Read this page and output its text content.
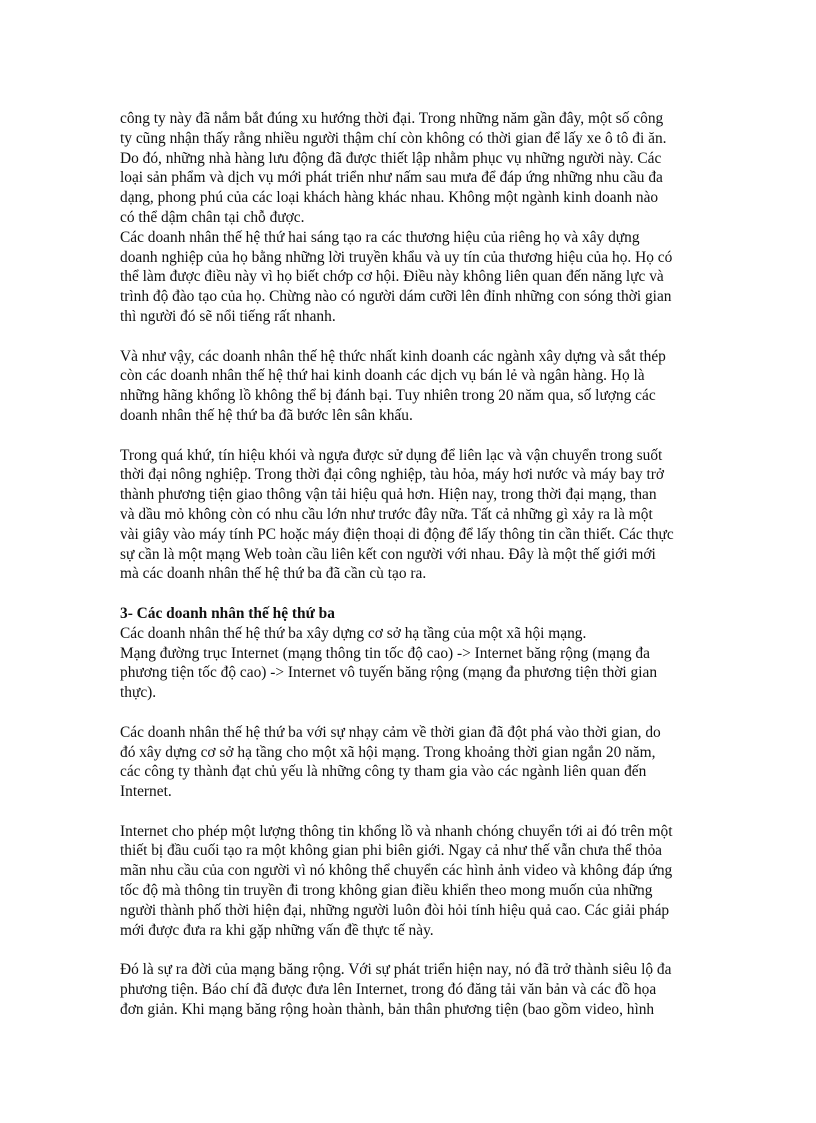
công ty này đã nắm bắt đúng xu hướng thời đại. Trong những năm gần đây, một số công
ty cũng nhận thấy rằng nhiều người thậm chí còn không có thời gian để lấy xe ô tô đi ăn.
Do đó, những nhà hàng lưu động đã được thiết lập nhằm phục vụ những người này. Các
loại sản phẩm và dịch vụ mới phát triển như nấm sau mưa để đáp ứng những nhu cầu đa
dạng, phong phú của các loại khách hàng khác nhau. Không một ngành kinh doanh nào
có thể dậm chân tại chỗ được.
Các doanh nhân thế hệ thứ hai sáng tạo ra các thương hiệu của riêng họ và xây dựng
doanh nghiệp của họ bằng những lời truyền khẩu và uy tín của thương hiệu của họ. Họ có
thể làm được điều này vì họ biết chớp cơ hội. Điều này không liên quan đến năng lực và
trình độ đào tạo của họ. Chừng nào có người dám cưỡi lên đỉnh những con sóng thời gian
thì người đó sẽ nổi tiếng rất nhanh.
Và như vậy, các doanh nhân thế hệ thức nhất kinh doanh các ngành xây dựng và sắt thép
còn các doanh nhân thế hệ thứ hai kinh doanh các dịch vụ bán lẻ và ngân hàng. Họ là
những hãng khổng lồ không thể bị đánh bại. Tuy nhiên trong 20 năm qua, số lượng các
doanh nhân thế hệ thứ ba đã bước lên sân khấu.
Trong quá khứ, tín hiệu khói và ngựa được sử dụng để liên lạc và vận chuyển trong suốt
thời đại nông nghiệp. Trong thời đại công nghiệp, tàu hỏa, máy hơi nước và máy bay trở
thành phương tiện giao thông vận tải hiệu quả hơn. Hiện nay, trong thời đại mạng, than
và dầu mỏ không còn có nhu cầu lớn như trước đây nữa. Tất cả những gì xảy ra là một
vài giây vào máy tính PC hoặc máy điện thoại di động để lấy thông tin cần thiết. Các thực
sự cần là một mạng Web toàn cầu liên kết con người với nhau. Đây là một thế giới mới
mà các doanh nhân thế hệ thứ ba đã cần cù tạo ra.
3- Các doanh nhân thế hệ thứ ba
Các doanh nhân thế hệ thứ ba xây dựng cơ sở hạ tầng của một xã hội mạng.
Mạng đường trục Internet (mạng thông tin tốc độ cao) -> Internet băng rộng (mạng đa
phương tiện tốc độ cao) -> Internet vô tuyến băng rộng (mạng đa phương tiện thời gian
thực).
Các doanh nhân thế hệ thứ ba với sự nhạy cảm về thời gian đã đột phá vào thời gian, do
đó xây dựng cơ sở hạ tầng cho một xã hội mạng. Trong khoảng thời gian ngắn 20 năm,
các công ty thành đạt chủ yếu là những công ty tham gia vào các ngành liên quan đến
Internet.
Internet cho phép một lượng thông tin khổng lồ và nhanh chóng chuyển tới ai đó trên một
thiết bị đầu cuối tạo ra một không gian phi biên giới. Ngay cả như thế vẫn chưa thể thỏa
mãn nhu cầu của con người vì nó không thể chuyển các hình ảnh video và không đáp ứng
tốc độ mà thông tin truyền đi trong không gian điều khiển theo mong muốn của những
người thành phố thời hiện đại, những người luôn đòi hỏi tính hiệu quả cao. Các giải pháp
mới được đưa ra khi gặp những vấn đề thực tế này.
Đó là sự ra đời của mạng băng rộng. Với sự phát triển hiện nay, nó đã trở thành siêu lộ đa
phương tiện. Báo chí đã được đưa lên Internet, trong đó đăng tải văn bản và các đồ họa
đơn giản. Khi mạng băng rộng hoàn thành, bản thân phương tiện (bao gồm video, hình
